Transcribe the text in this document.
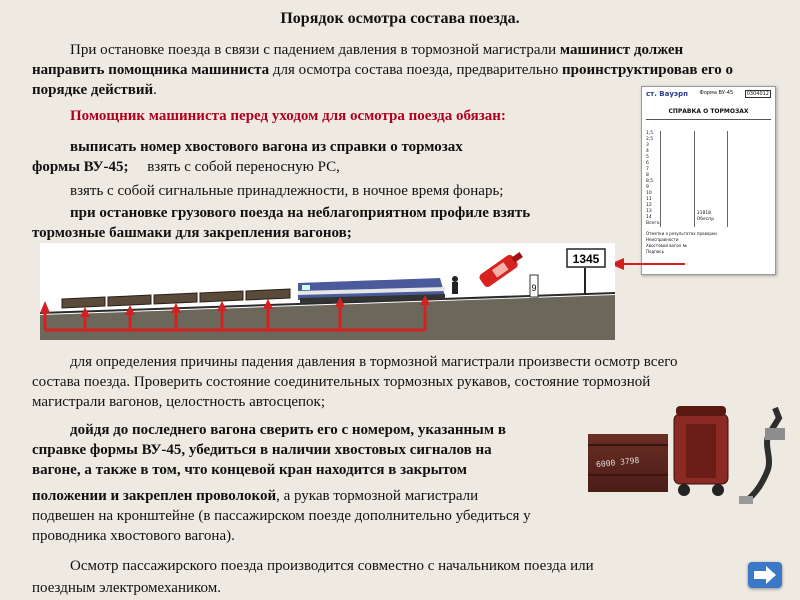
Порядок осмотра состава поезда.
При остановке поезда в связи с падением давления в тормозной магистрали машинист должен направить помощника машиниста для осмотра состава поезда, предварительно проинструктировав его о порядке действий.
Помощник машиниста перед уходом для осмотра поезда обязан:
выписать номер хвостового вагона из справки о тормозах
формы ВУ-45; взять с собой переносную РС,
взять с собой сигнальные принадлежности, в ночное время фонарь;
при остановке грузового поезда на неблагоприятном профиле взять
тормозные башмаки для закрепления вагонов;
ст. Вауэрп Форма ВУ-45	0304012
СПРАВКА О ТОРМОЗАХ
1,5
2,5
3
4
5
6
7
8
8,5
9
10
11
12
13
14
Всего
31818
Обеспр
Отметки о результатах проверки
Неисправности
Хвостовой вагон №
Подпись
9
1345
для определения причины падения давления в тормозной магистрали произвести осмотр всего
состава поезда. Проверить состояние соединительных тормозных рукавов, состояние тормозной
магистрали вагонов, целостность автосцепок;
дойдя до последнего вагона сверить его с номером, указанным в
справке формы ВУ-45, убедиться в наличии хвостовых сигналов на
вагоне, а также в том, что концевой кран находится в закрытом
положении и закреплен проволокой, а рукав тормозной магистрали
подвешен на кронштейне (в пассажирском поезде дополнительно убедиться у
проводника хвостового вагона).
6000 3798
Осмотр пассажирского поезда производится совместно с начальником поезда или
поездным электромехаником.
